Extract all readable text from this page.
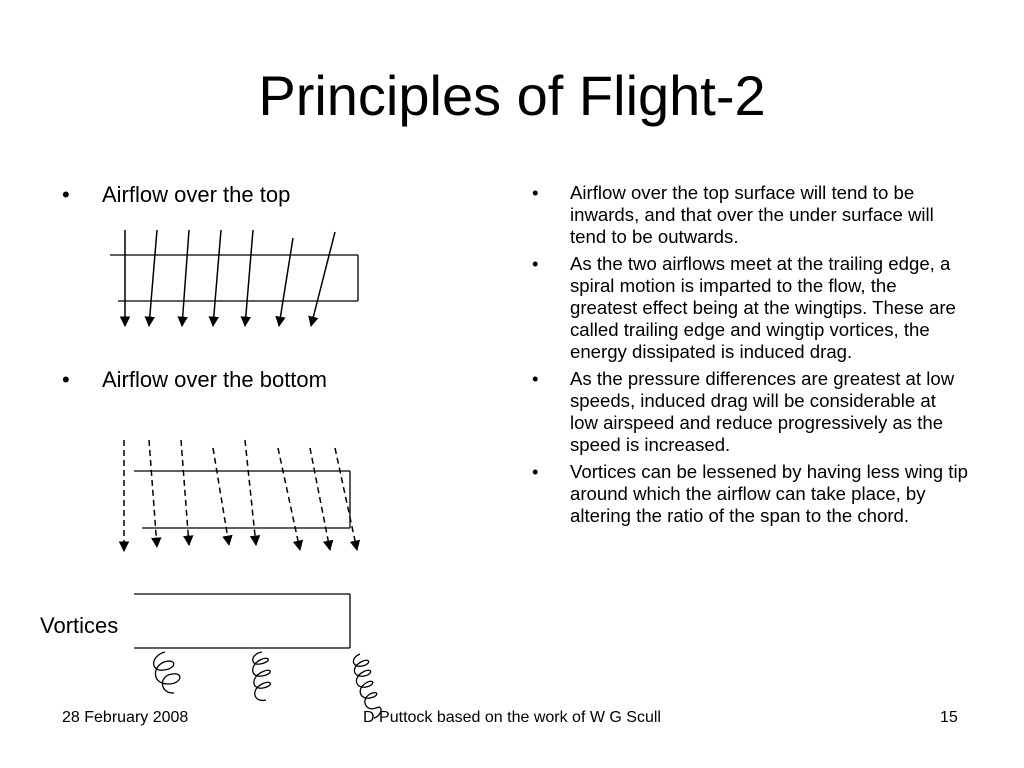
Principles of Flight-2
• Airflow over the top
• Airflow over the bottom
• Airflow over the top surface will tend to be inwards, and that over the under surface will tend to be outwards.
• As the two airflows meet at the trailing edge, a spiral motion is imparted to the flow, the greatest effect being at the wingtips. These are called trailing edge and wingtip vortices, the energy dissipated is induced drag.
• As the pressure differences are greatest at low speeds, induced drag will be considerable at low airspeed and reduce progressively as the speed is increased.
• Vortices can be lessened by having less wing tip around which the airflow can take place, by altering the ratio of the span to the chord.
Vortices
28 February 2008	D Puttock based on the work of W G Scull	15
